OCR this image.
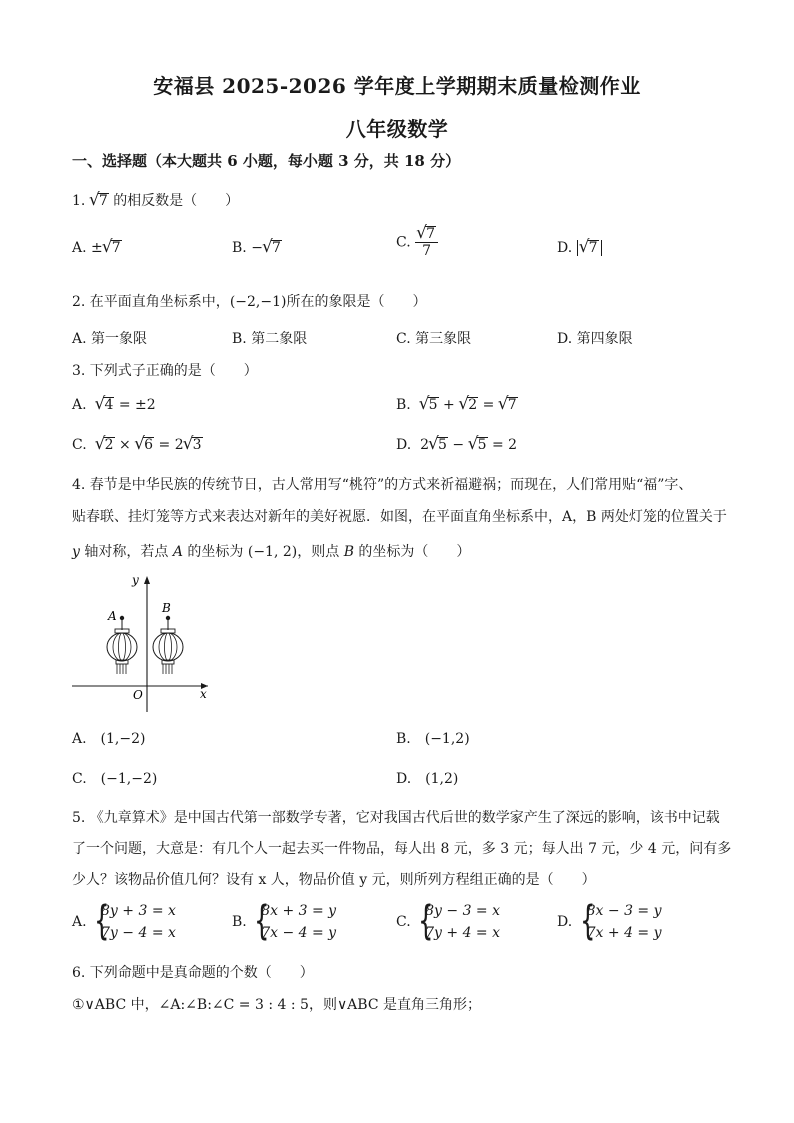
安福县 2025-2026 学年度上学期期末质量检测作业
八年级数学
一、选择题（本大题共 6 小题，每小题 3 分，共 18 分）
1. √ 7 的相反数是（　　）
A. ± √ 7	B. − √ 7	C. $\frac{√ 7}{7}$	D. √ 7
2. 在平面直角坐标系中，(−2,−1)所在的象限是（　　）
A. 第一象限	B. 第二象限	C. 第三象限	D. 第四象限
3. 下列式子正确的是（　　）
A. √ 4 = ±2	B. √ 5 + √ 2 = √ 7
C. √ 2 × √ 6 = 2 √ 3	D. 2 √ 5 − √ 5 = 2
4. 春节是中华民族的传统节日，古人常用写“桃符”的方式来祈福避祸；而现在，人们常用贴“福”字、
贴春联、挂灯笼等方式来表达对新年的美好祝愿．如图，在平面直角坐标系中，A，B 两处灯笼的位置关于
y 轴对称，若点 A 的坐标为 (−1, 2)，则点 B 的坐标为（　　）
y
x
O
A
B
A.　(1,−2)	B.　(−1,2)
C.　(−1,−2)	D.　(1,2)
5. 《九章算术》是中国古代第一部数学专著，它对我国古代后世的数学家产生了深远的影响，该书中记载
了一个问题，大意是：有几个人一起去买一件物品，每人出 8 元，多 3 元；每人出 7 元，少 4 元，问有多
少人？该物品价值几何？设有 x 人，物品价值 y 元，则所列方程组正确的是（　　）
A. {
8y + 3 = x
7y − 4 = x
B. {
8x + 3 = y
7x − 4 = y
C. {
8y − 3 = x
7y + 4 = x
D. {
8x − 3 = y
7x + 4 = y
6. 下列命题中是真命题的个数（　　）
①∨ABC 中，∠A:∠B:∠C = 3 : 4 : 5，则∨ABC 是直角三角形；
